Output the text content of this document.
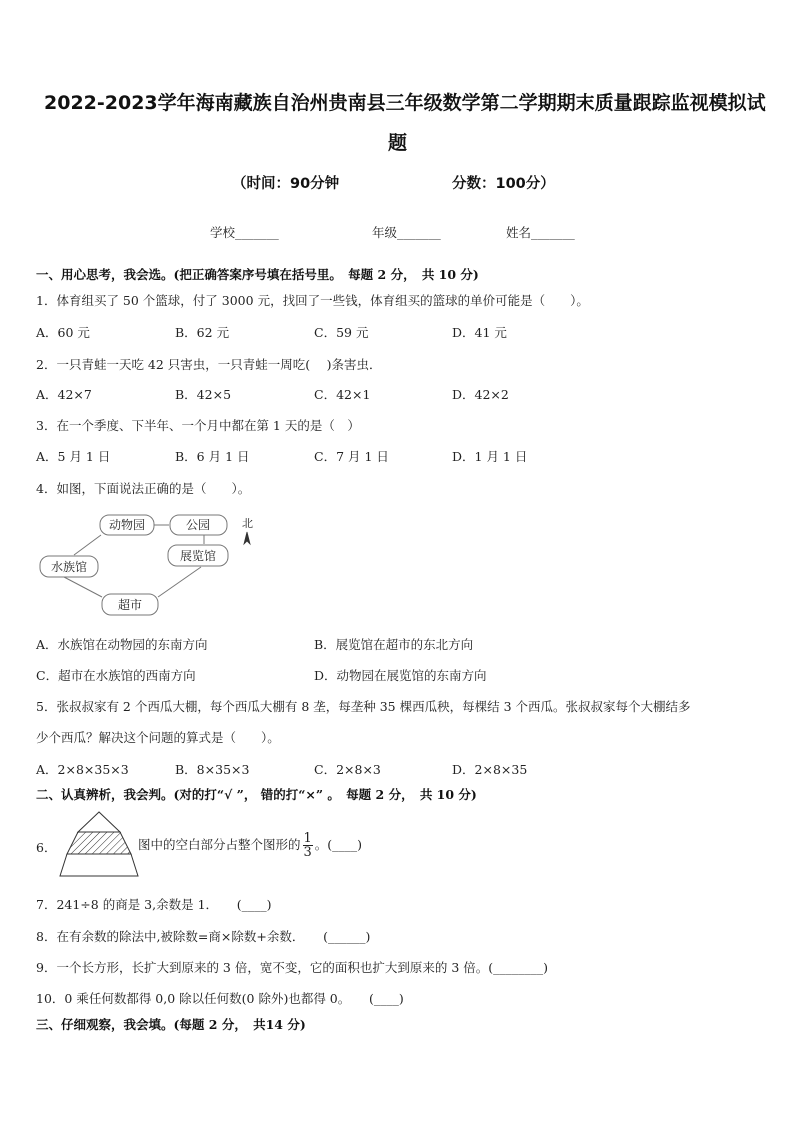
2022-2023学年海南藏族自治州贵南县三年级数学第二学期期末质量跟踪监视模拟试
题
（时间：90分钟	分数：100分）
学校_______	年级_______	姓名_______
一、用心思考，我会选。(把正确答案序号填在括号里。　每题 2 分，　共 10 分)
1．体育组买了 50 个篮球，付了 3000 元，找回了一些钱，体育组买的篮球的单价可能是（　　）。
A．60 元	B．62 元	C．59 元	D．41 元
2．一只青蛙一天吃 42 只害虫，一只青蛙一周吃(　 )条害虫．
A．42×7	B．42×5	C．42×1	D．42×2
3．在一个季度、下半年、一个月中都在第 1 天的是（　）
A．5 月 1 日	B．6 月 1 日	C．7 月 1 日	D．1 月 1 日
4．如图，下面说法正确的是（　　）。
动物园	公园
展览馆
水族馆
超市
北
A．水族馆在动物园的东南方向	B．展览馆在超市的东北方向
C．超市在水族馆的西南方向	D．动物园在展览馆的东南方向
5．张叔叔家有 2 个西瓜大棚，每个西瓜大棚有 8 垄，每垄种 35 棵西瓜秧，每棵结 3 个西瓜。张叔叔家每个大棚结多
少个西瓜？解决这个问题的算式是（　　）。
A．2×8×35×3	B．8×35×3	C．2×8×3	D．2×8×35
二、认真辨析，我会判。(对的打“√ ”， 错的打“×” 。　每题 2 分，　共 10 分)
6．	图中的空白部分占整个图形的 $\frac{1}{3}$ 。(____)
7．241÷8 的商是 3,余数是 1．　　(____)
8．在有余数的除法中,被除数=商×除数+余数．　　(______)
9．一个长方形，长扩大到原来的 3 倍，宽不变，它的面积也扩大到原来的 3 倍。(________)
10．0 乘任何数都得 0,0 除以任何数(0 除外)也都得 0。　　(____)
三、仔细观察，我会填。(每题 2 分，　共14 分)
